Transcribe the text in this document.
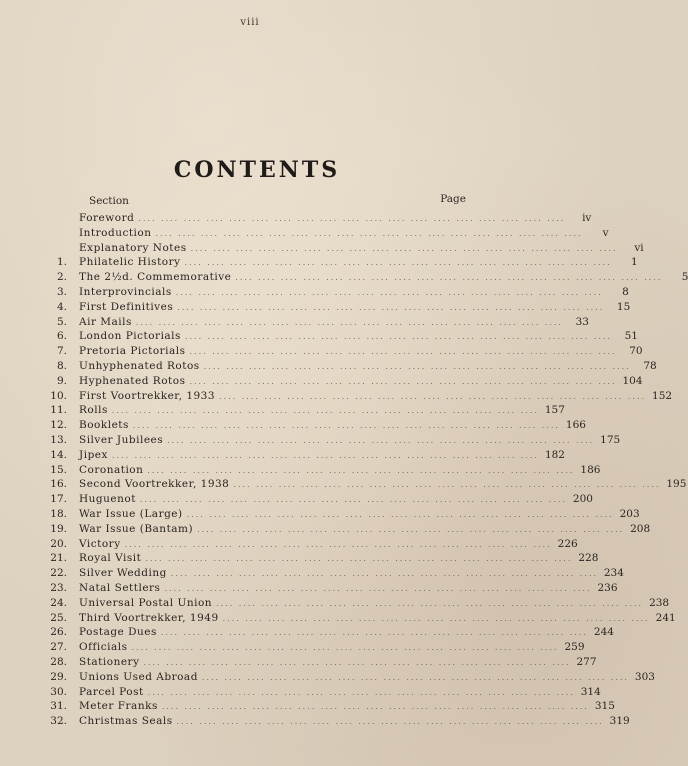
viii
CONTENTS
Section	Page
Foreword .... .... .... .... .... .... .... .... .... .... .... .... .... .... .... .... .... .... ....	iv
Introduction .... .... .... .... .... .... .... .... .... .... .... .... .... .... .... .... .... .... ....	v
Explanatory Notes .... .... .... .... .... .... .... .... .... .... .... .... .... .... .... .... .... .... ....	vi
1. Philatelic History .... .... .... .... .... .... .... .... .... .... .... .... .... .... .... .... .... .... ....	1
2. The 2½d. Commemorative .... .... .... .... .... .... .... .... .... .... .... .... .... .... .... .... .... .... ....	5
3. Interprovincials .... .... .... .... .... .... .... .... .... .... .... .... .... .... .... .... .... .... ....	8
4. First Definitives .... .... .... .... .... .... .... .... .... .... .... .... .... .... .... .... .... .... ....	15
5. Air Mails .... .... .... .... .... .... .... .... .... .... .... .... .... .... .... .... .... .... ....	33
6. London Pictorials .... .... .... .... .... .... .... .... .... .... .... .... .... .... .... .... .... .... ....	51
7. Pretoria Pictorials .... .... .... .... .... .... .... .... .... .... .... .... .... .... .... .... .... .... ....	70
8. Unhyphenated Rotos .... .... .... .... .... .... .... .... .... .... .... .... .... .... .... .... .... .... ....	78
9. Hyphenated Rotos .... .... .... .... .... .... .... .... .... .... .... .... .... .... .... .... .... .... .... 104
10. First Voortrekker, 1933 .... .... .... .... .... .... .... .... .... .... .... .... .... .... .... .... .... .... .... 152
11. Rolls .... .... .... .... .... .... .... .... .... .... .... .... .... .... .... .... .... .... .... 157
12. Booklets .... .... .... .... .... .... .... .... .... .... .... .... .... .... .... .... .... .... .... 166
13. Silver Jubilees .... .... .... .... .... .... .... .... .... .... .... .... .... .... .... .... .... .... .... 175
14. Jipex .... .... .... .... .... .... .... .... .... .... .... .... .... .... .... .... .... .... .... 182
15. Coronation .... .... .... .... .... .... .... .... .... .... .... .... .... .... .... .... .... .... .... 186
16. Second Voortrekker, 1938 .... .... .... .... .... .... .... .... .... .... .... .... .... .... .... .... .... .... .... 195
17. Huguenot .... .... .... .... .... .... .... .... .... .... .... .... .... .... .... .... .... .... .... 200
18. War Issue (Large) .... .... .... .... .... .... .... .... .... .... .... .... .... .... .... .... .... .... .... 203
19. War Issue (Bantam) .... .... .... .... .... .... .... .... .... .... .... .... .... .... .... .... .... .... .... 208
20. Victory .... .... .... .... .... .... .... .... .... .... .... .... .... .... .... .... .... .... .... 226
21. Royal Visit .... .... .... .... .... .... .... .... .... .... .... .... .... .... .... .... .... .... .... 228
22. Silver Wedding .... .... .... .... .... .... .... .... .... .... .... .... .... .... .... .... .... .... .... 234
23. Natal Settlers .... .... .... .... .... .... .... .... .... .... .... .... .... .... .... .... .... .... .... 236
24. Universal Postal Union .... .... .... .... .... .... .... .... .... .... .... .... .... .... .... .... .... .... .... 238
25. Third Voortrekker, 1949 .... .... .... .... .... .... .... .... .... .... .... .... .... .... .... .... .... .... .... 241
26. Postage Dues .... .... .... .... .... .... .... .... .... .... .... .... .... .... .... .... .... .... .... 244
27. Officials .... .... .... .... .... .... .... .... .... .... .... .... .... .... .... .... .... .... .... 259
28. Stationery .... .... .... .... .... .... .... .... .... .... .... .... .... .... .... .... .... .... .... 277
29. Unions Used Abroad .... .... .... .... .... .... .... .... .... .... .... .... .... .... .... .... .... .... .... 303
30. Parcel Post .... .... .... .... .... .... .... .... .... .... .... .... .... .... .... .... .... .... .... 314
31. Meter Franks .... .... .... .... .... .... .... .... .... .... .... .... .... .... .... .... .... .... .... 315
32. Christmas Seals .... .... .... .... .... .... .... .... .... .... .... .... .... .... .... .... .... .... .... 319
